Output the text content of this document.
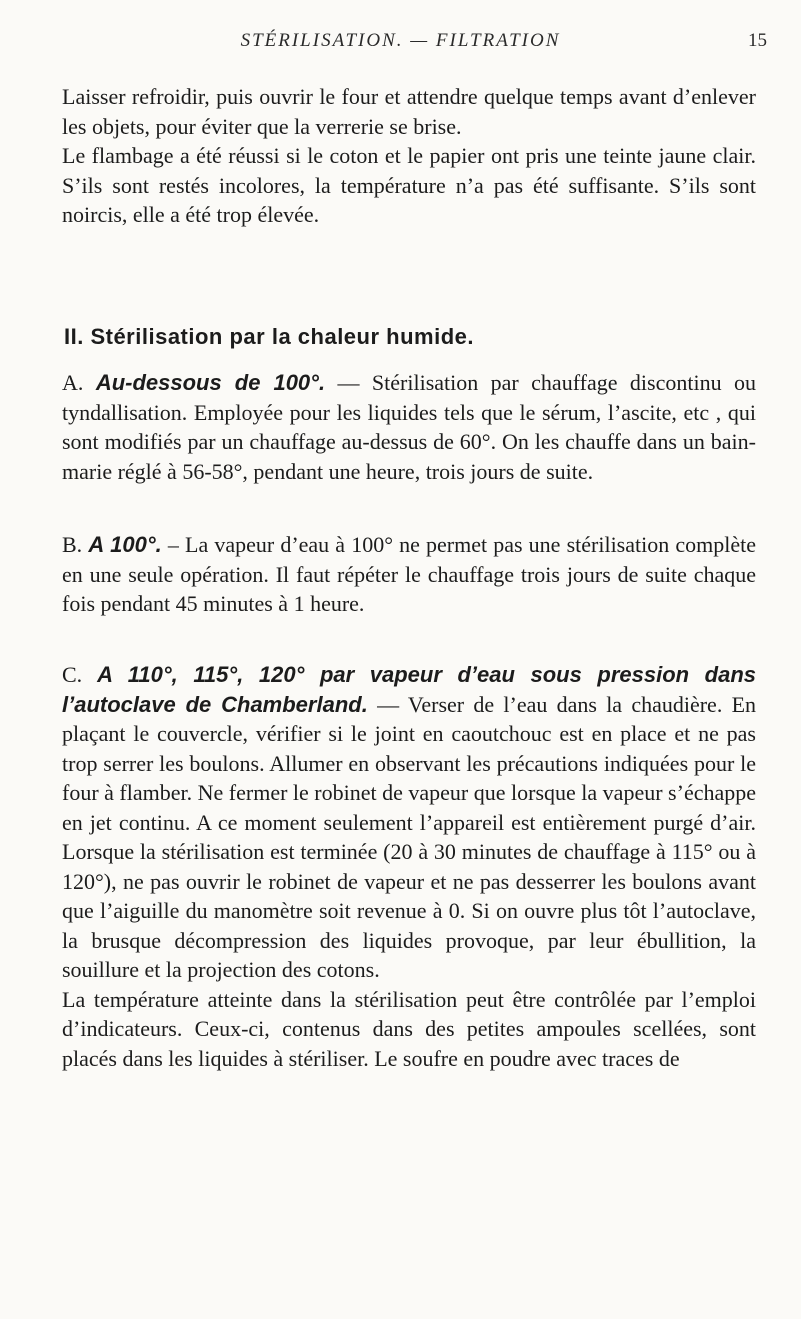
STÉRILISATION. — FILTRATION	15

Laisser refroidir, puis ouvrir le four et attendre quelque temps avant d’enlever les objets, pour éviter que la verrerie se brise.

Le flambage a été réussi si le coton et le papier ont pris une teinte jaune clair. S’ils sont restés incolores, la température n’a pas été suffisante. S’ils sont noircis, elle a été trop élevée.

II. Stérilisation par la chaleur humide.

A. Au-dessous de 100°. — Stérilisation par chauffage discontinu ou tyndallisation. Employée pour les liquides tels que le sérum, l’ascite, etc , qui sont modifiés par un chauffage au-dessus de 60°. On les chauffe dans un bain-marie réglé à 56-58°, pendant une heure, trois jours de suite.

B. A 100°. – La vapeur d’eau à 100° ne permet pas une stérilisation complète en une seule opération. Il faut répéter le chauffage trois jours de suite chaque fois pendant 45 minutes à 1 heure.

C. A 110°, 115°, 120° par vapeur d’eau sous pression dans l’autoclave de Chamberland. — Verser de l’eau dans la chaudière. En plaçant le couvercle, vérifier si le joint en caoutchouc est en place et ne pas trop serrer les boulons. Allumer en observant les précautions indiquées pour le four à flamber. Ne fermer le robinet de vapeur que lorsque la vapeur s’échappe en jet continu. A ce moment seulement l’appareil est entièrement purgé d’air. Lorsque la stérilisation est terminée (20 à 30 minutes de chauffage à 115° ou à 120°), ne pas ouvrir le robinet de vapeur et ne pas desserrer les boulons avant que l’aiguille du manomètre soit revenue à 0. Si on ouvre plus tôt l’autoclave, la brusque décompression des liquides provoque, par leur ébullition, la souillure et la projection des cotons.

La température atteinte dans la stérilisation peut être contrôlée par l’emploi d’indicateurs. Ceux-ci, contenus dans des petites ampoules scellées, sont placés dans les liquides à stériliser. Le soufre en poudre avec traces de
